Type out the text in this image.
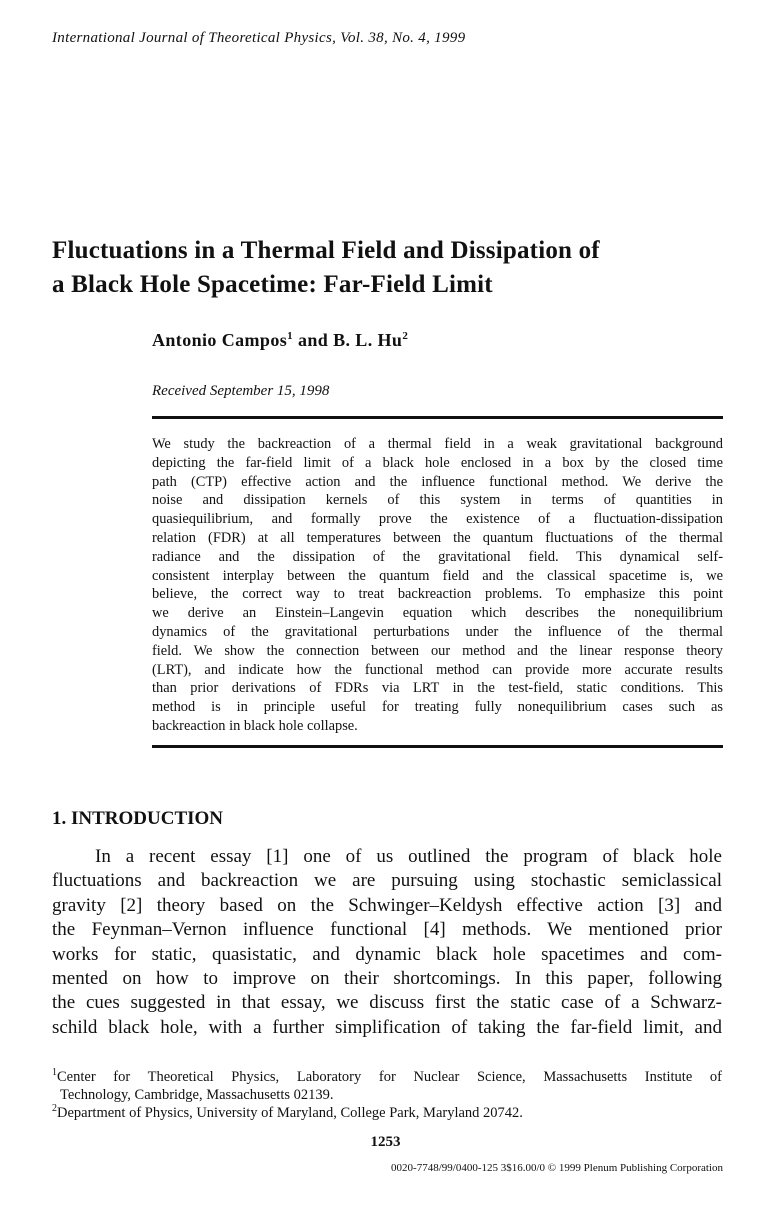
International Journal of Theoretical Physics, Vol. 38, No. 4, 1999
Fluctuations in a Thermal Field and Dissipation of
a Black Hole Spacetime: Far-Field Limit
Antonio Campos$^1$ and B. L. Hu$^2$
Received September 15, 1998
We study the backreaction of a thermal field in a weak gravitational background
depicting the far-field limit of a black hole enclosed in a box by the closed time
path (CTP) effective action and the influence functional method. We derive the
noise and dissipation kernels of this system in terms of quantities in
quasiequilibrium, and formally prove the existence of a fluctuation-dissipation
relation (FDR) at all temperatures between the quantum fluctuations of the thermal
radiance and the dissipation of the gravitational field. This dynamical self-
consistent interplay between the quantum field and the classical spacetime is, we
believe, the correct way to treat backreaction problems. To emphasize this point
we derive an Einstein–Langevin equation which describes the nonequilibrium
dynamics of the gravitational perturbations under the influence of the thermal
field. We show the connection between our method and the linear response theory
(LRT), and indicate how the functional method can provide more accurate results
than prior derivations of FDRs via LRT in the test-field, static conditions. This
method is in principle useful for treating fully nonequilibrium cases such as
backreaction in black hole collapse.
1. INTRODUCTION
In a recent essay [1] one of us outlined the program of black hole
fluctuations and backreaction we are pursuing using stochastic semiclassical
gravity [2] theory based on the Schwinger–Keldysh effective action [3] and
the Feynman–Vernon influence functional [4] methods. We mentioned prior
works for static, quasistatic, and dynamic black hole spacetimes and com-
mented on how to improve on their shortcomings. In this paper, following
the cues suggested in that essay, we discuss first the static case of a Schwarz-
schild black hole, with a further simplification of taking the far-field limit, and
$^1$Center for Theoretical Physics, Laboratory for Nuclear Science, Massachusetts Institute of
Technology, Cambridge, Massachusetts 02139.
$^2$Department of Physics, University of Maryland, College Park, Maryland 20742.
1253
0020-7748/99/0400-125 3$16.00/0 © 1999 Plenum Publishing Corporation
